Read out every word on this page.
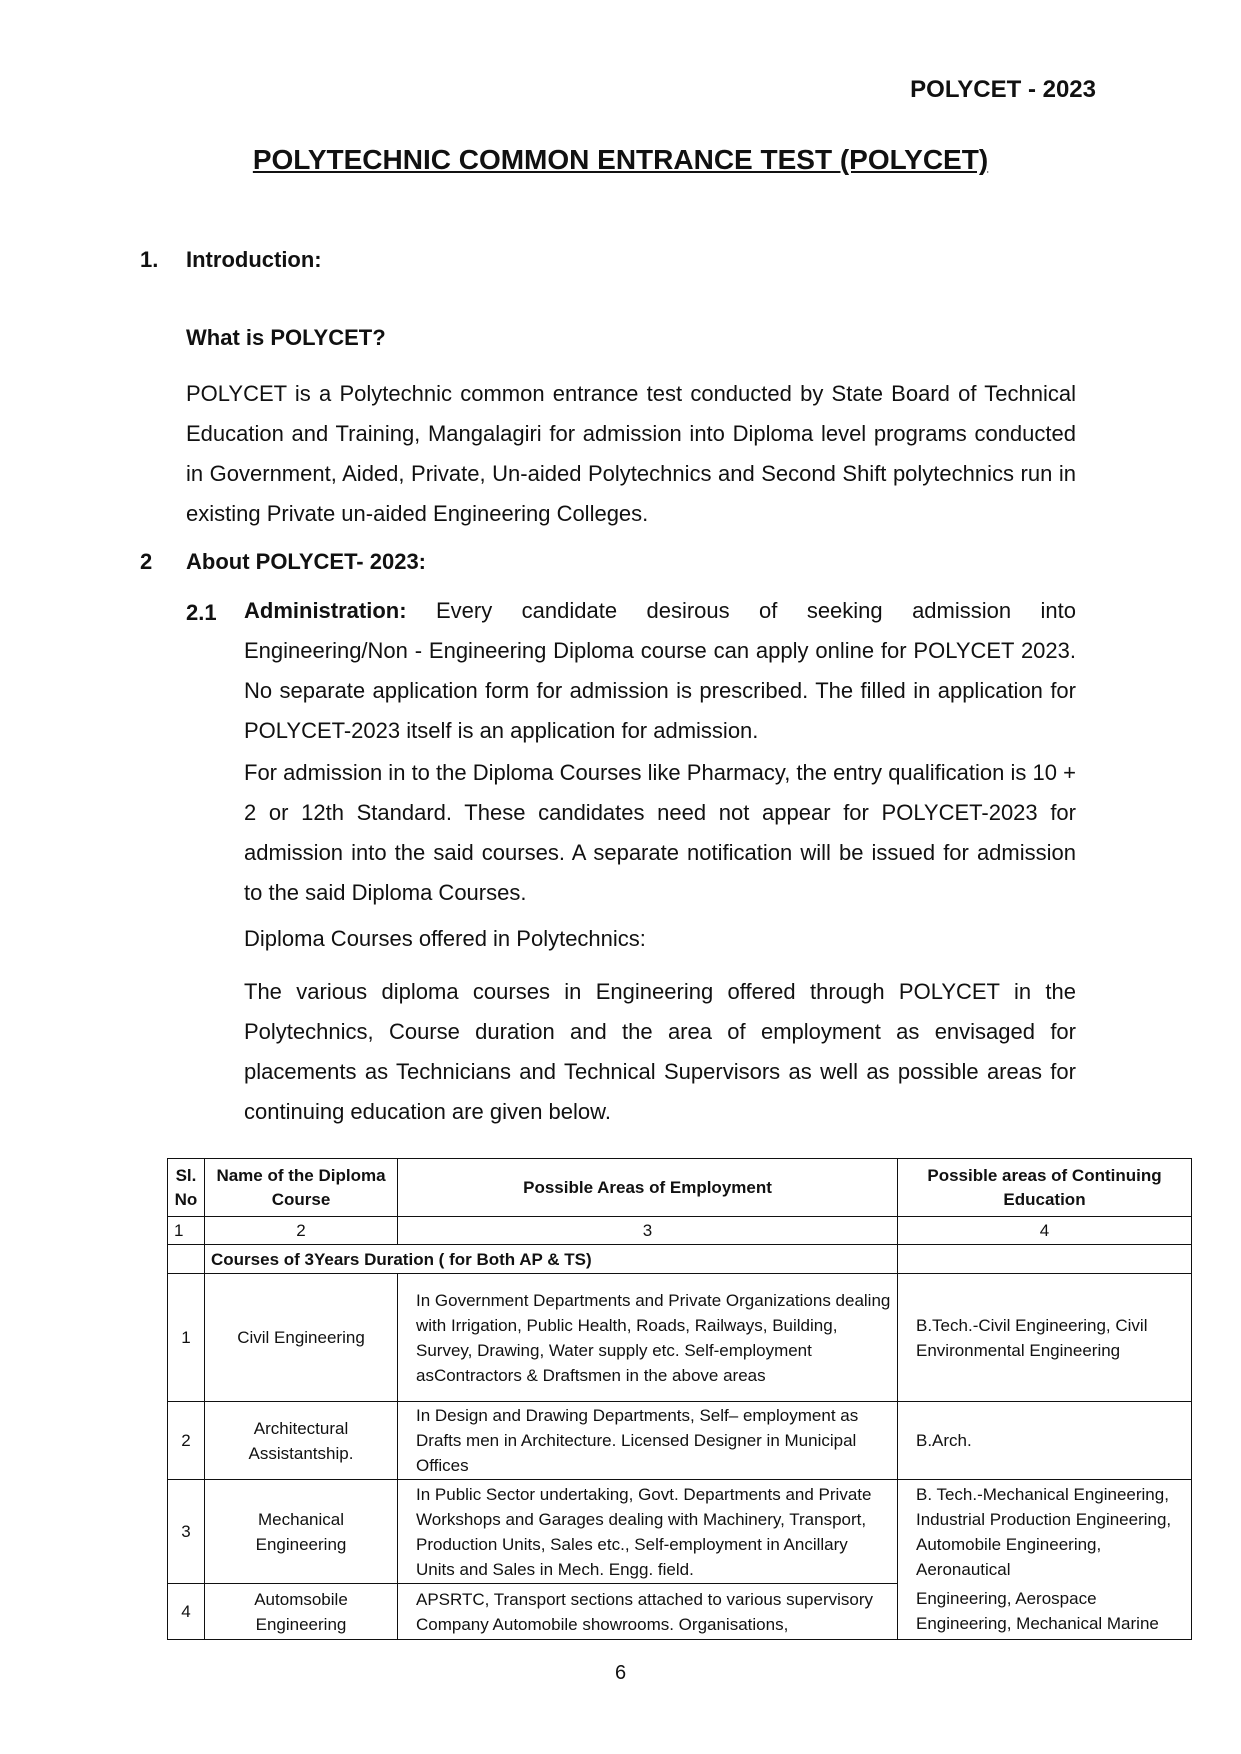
POLYCET - 2023
POLYTECHNIC COMMON ENTRANCE TEST (POLYCET)
1. Introduction:
What is POLYCET?

POLYCET is a Polytechnic common entrance test conducted by State Board of Technical Education and Training, Mangalagiri for admission into Diploma level programs conducted in Government, Aided, Private, Un-aided Polytechnics and Second Shift polytechnics run in existing Private un-aided Engineering Colleges.

2 About POLYCET- 2023:
2.1 Administration: Every candidate desirous of seeking admission into Engineering/Non - Engineering Diploma course can apply online for POLYCET 2023. No separate application form for admission is prescribed. The filled in application for POLYCET-2023 itself is an application for admission.

For admission in to the Diploma Courses like Pharmacy, the entry qualification is 10 + 2 or 12th Standard. These candidates need not appear for POLYCET-2023 for admission into the said courses. A separate notification will be issued for admission to the said Diploma Courses.

Diploma Courses offered in Polytechnics:

The various diploma courses in Engineering offered through POLYCET in the Polytechnics, Course duration and the area of employment as envisaged for placements as Technicians and Technical Supervisors as well as possible areas for continuing education are given below.

Sl. No	Name of the Diploma Course	Possible Areas of Employment	Possible areas of Continuing Education
1	2	3	4
	Courses of 3Years Duration ( for Both AP & TS)		
1	Civil Engineering	In Government Departments and Private Organizations dealing with Irrigation, Public Health, Roads, Railways, Building, Survey, Drawing, Water supply etc. Self-employment asContractors & Draftsmen in the above areas	B.Tech.-Civil Engineering, Civil Environmental Engineering
2	Architectural Assistantship.	In Design and Drawing Departments, Self– employment as Drafts men in Architecture. Licensed Designer in Municipal Offices	B.Arch.
3	Mechanical Engineering	In Public Sector undertaking, Govt. Departments and Private Workshops and Garages dealing with Machinery, Transport, Production Units, Sales etc., Self-employment in Ancillary Units and Sales in Mech. Engg. field.	B. Tech.-Mechanical Engineering, Industrial Production Engineering, Automobile Engineering, Aeronautical
4	Automsobile Engineering	APSRTC, Transport sections attached to various supervisory Company Automobile showrooms. Organisations,	Engineering, Aerospace Engineering, Mechanical Marine
6
